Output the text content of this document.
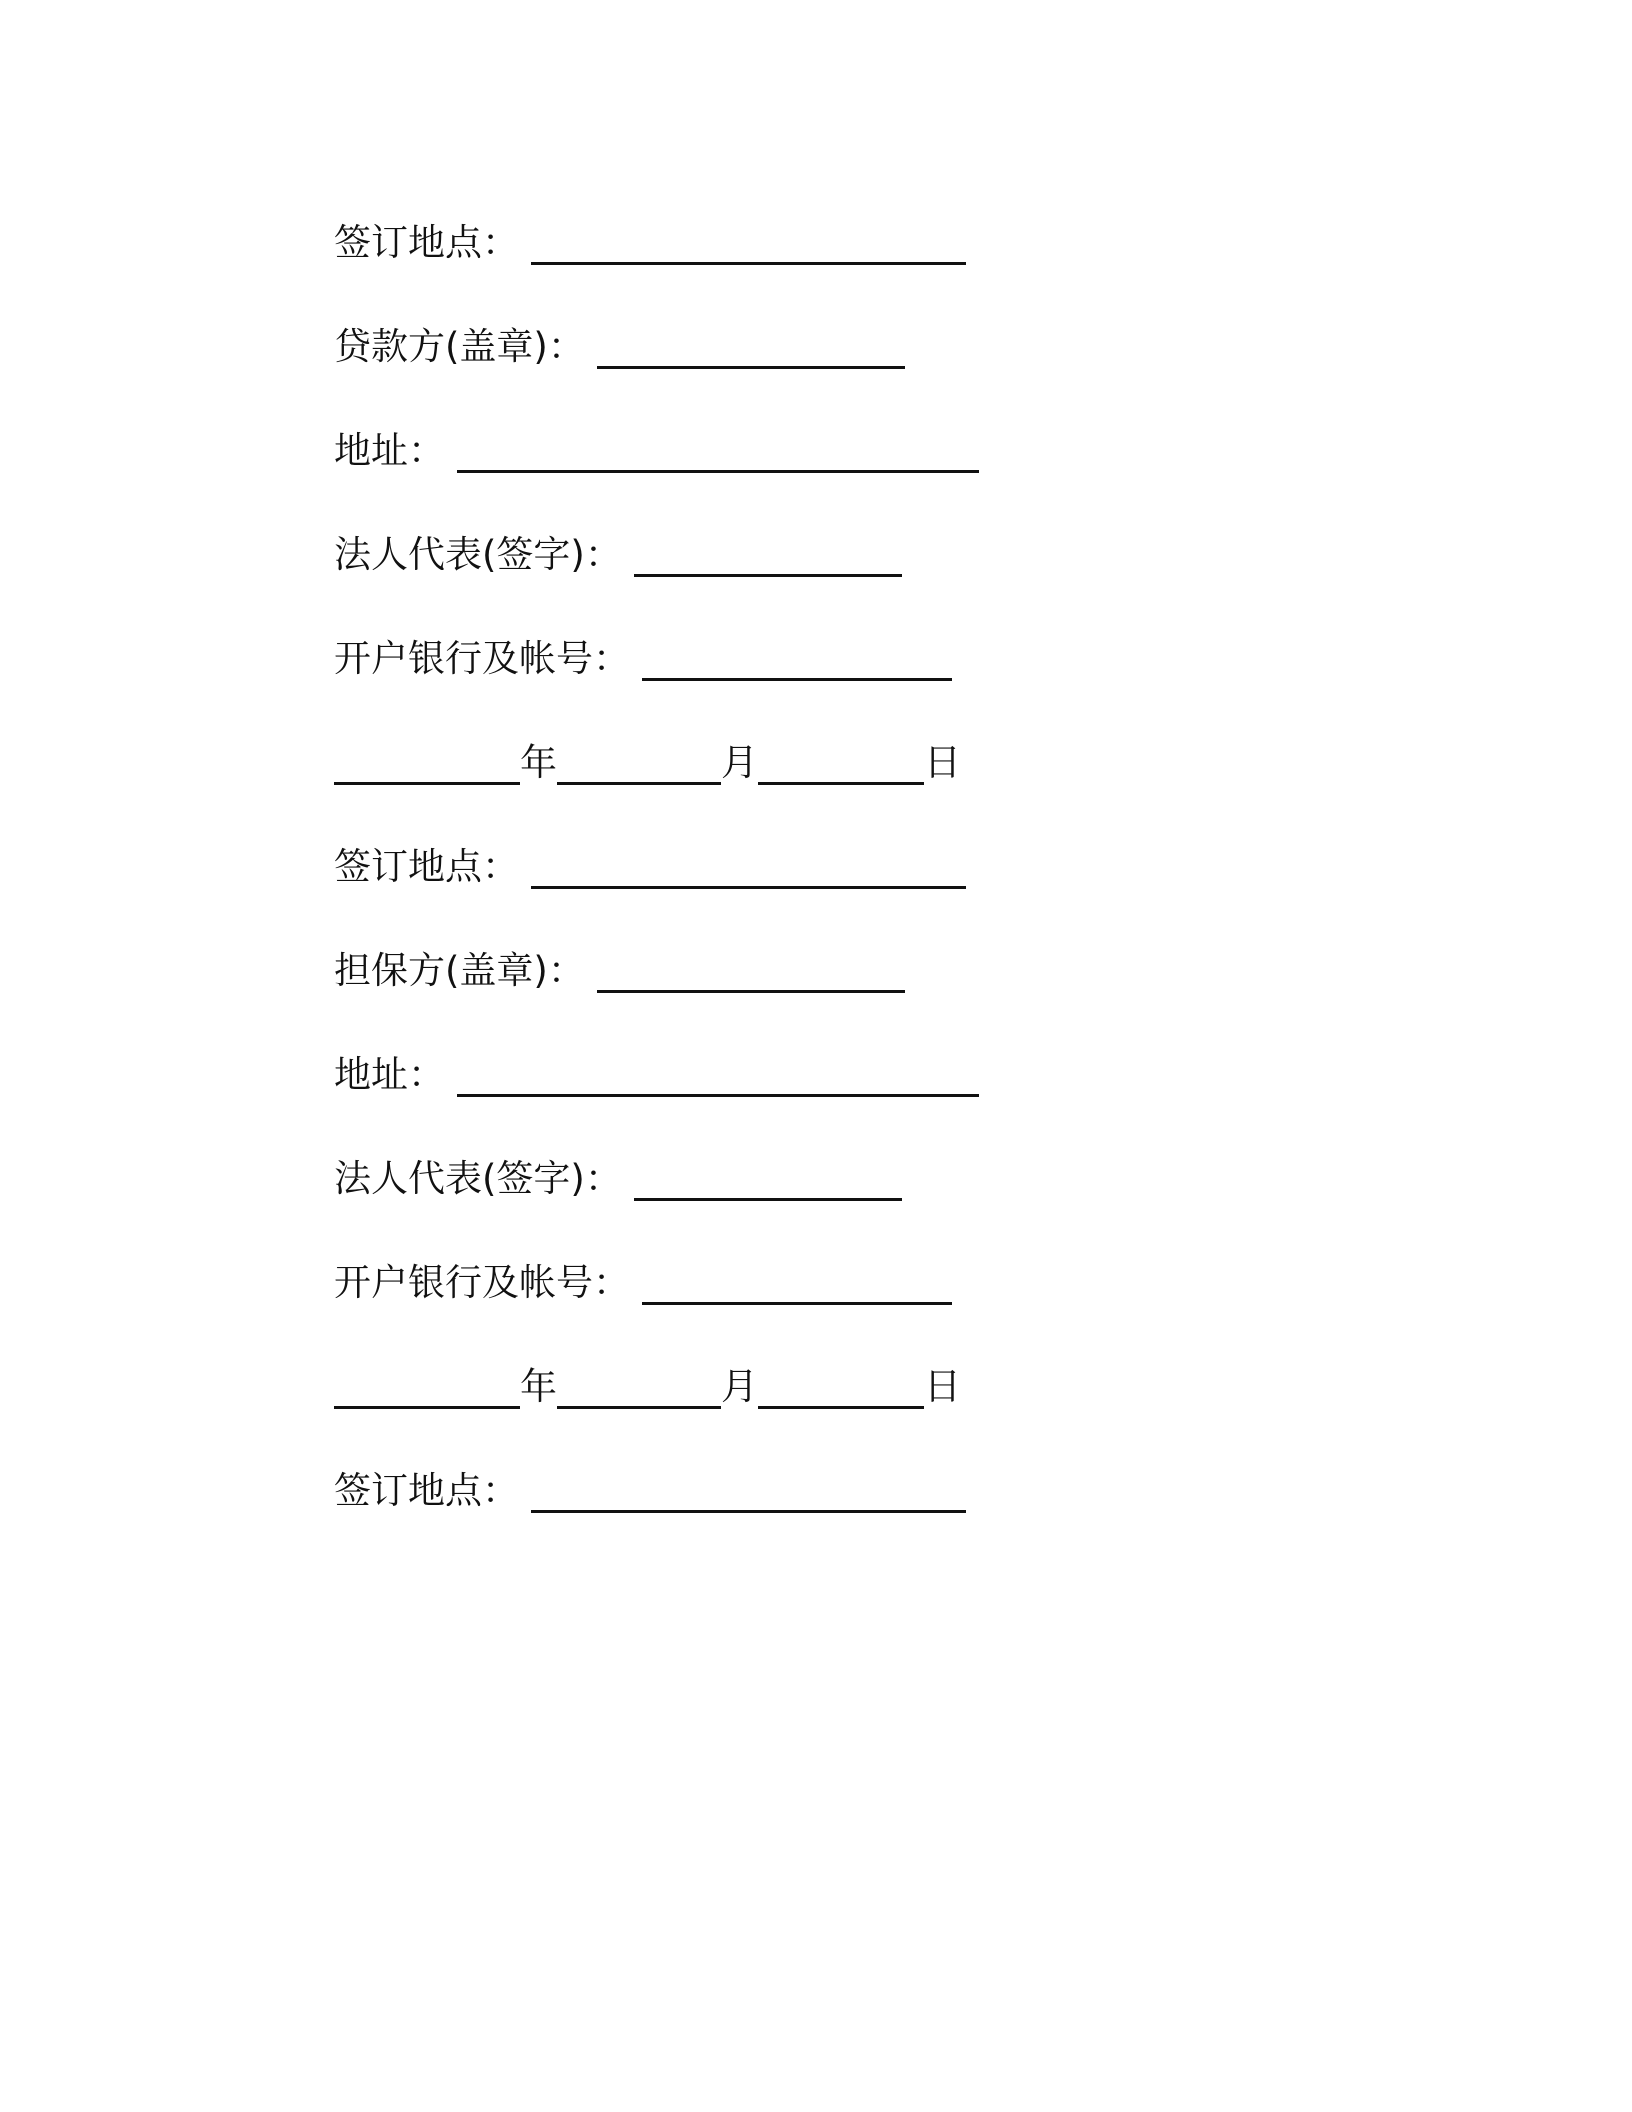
签订地点：
贷款方(盖章)：
地址：
法人代表(签字)：
开户银行及帐号：
年	月	日
签订地点：
担保方(盖章)：
地址：
法人代表(签字)：
开户银行及帐号：
年	月	日
签订地点：
